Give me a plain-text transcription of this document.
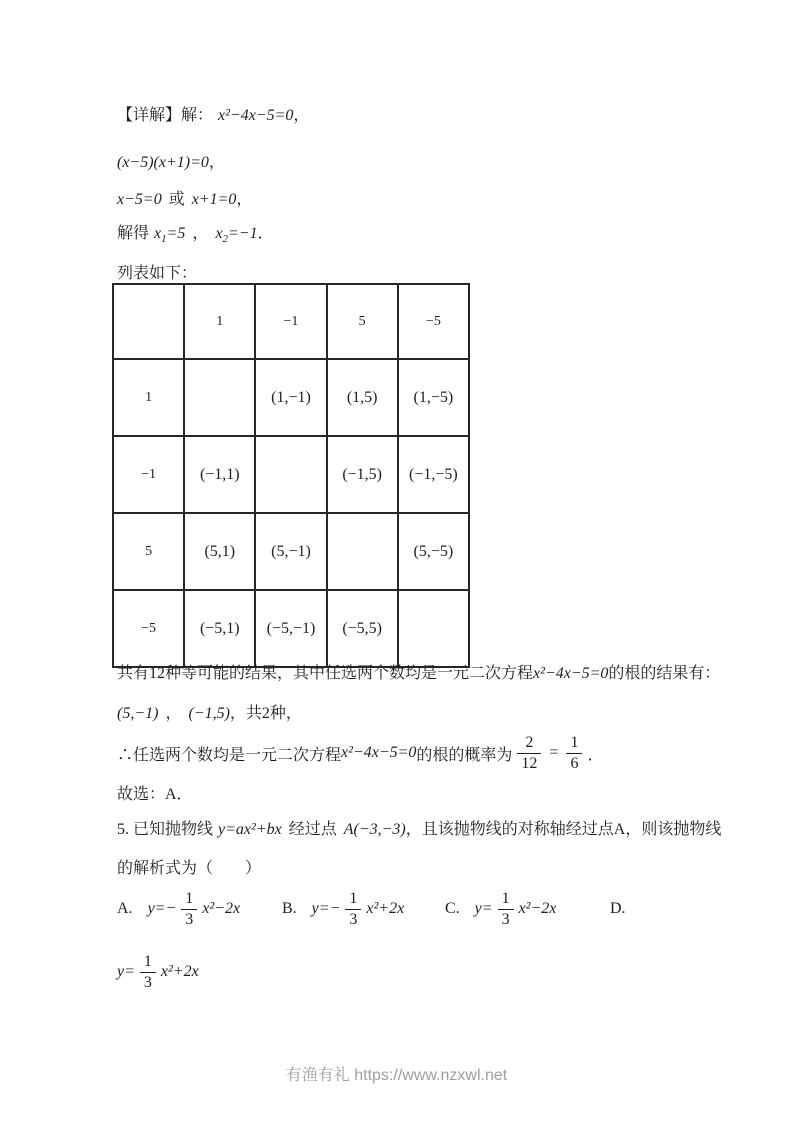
【详解】解： x²−4x−5=0，
(x−5)(x+1)=0，
x−5=0 或 x+1=0，
解得 $x_1=5$ ， $x_2=-1$．
列表如下：
	1	−1	5	−5
1		(1,−1)	(1,5)	(1,−5)
−1	(−1,1)		(−1,5)	(−1,−5)
5	(5,1)	(5,−1)		(5,−5)
−5	(−5,1)	(−5,−1)	(−5,5)	
共有12种等可能的结果，其中任选两个数均是一元二次方程x²−4x−5=0的根的结果有：
(5,−1) ， (−1,5)，共2种，
∴任选两个数均是一元二次方程 x²−4x−5=0 的根的概率为 $\frac{2}{12} = \frac{1}{6}$ ．
故选：A．
5. 已知抛物线 y=ax²+bx 经过点 A(−3,−3)，且该抛物线的对称轴经过点A，则该抛物线
的解析式为（　　）
A. $y=- \frac{1}{3} x^2-2x$	B. $y=- \frac{1}{3} x^2+2x$	C. $y= \frac{1}{3} x^2-2x$	D.
$y= \frac{1}{3} x^2+2x$
有渔有礼 https://www.nzxwl.net
